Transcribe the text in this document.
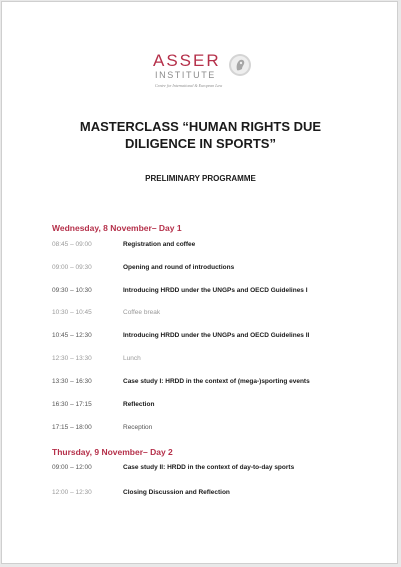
ASSER
INSTITUTE
Centre for International & European Law
MASTERCLASS “HUMAN RIGHTS DUE
DILIGENCE IN SPORTS”
PRELIMINARY PROGRAMME
Wednesday, 8 November– Day 1
08:45 – 09:00	Registration and coffee
09:00 – 09:30	Opening and round of introductions
09:30 – 10:30	Introducing HRDD under the UNGPs and OECD Guidelines I
10:30 – 10:45	Coffee break
10:45 – 12:30	Introducing HRDD under the UNGPs and OECD Guidelines II
12:30 – 13:30	Lunch
13:30 – 16:30	Case study I: HRDD in the context of (mega-)sporting events
16:30 – 17:15	Reflection
17:15 – 18:00	Reception
Thursday, 9 November– Day 2
09:00 – 12:00	Case study II: HRDD in the context of day-to-day sports
12:00 – 12:30	Closing Discussion and Reflection
